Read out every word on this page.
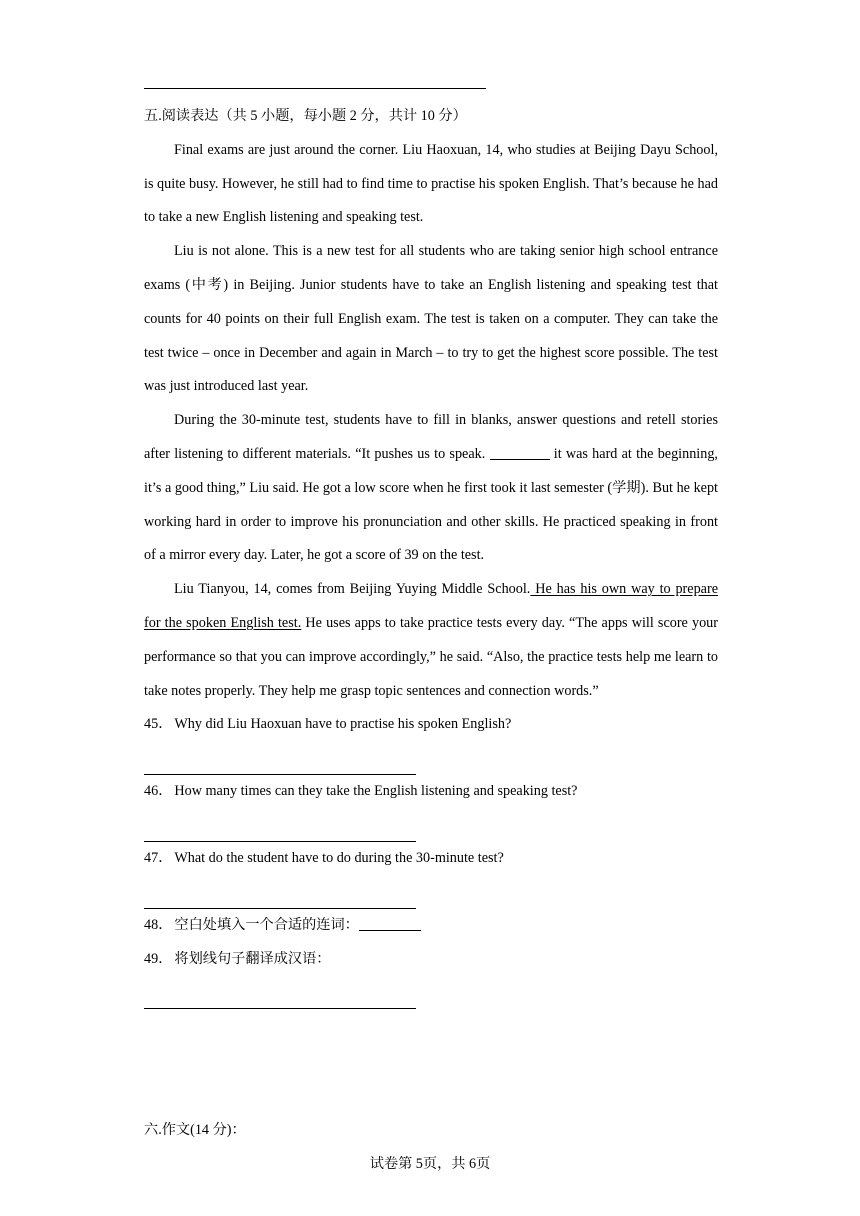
五.阅读表达（共 5 小题，每小题 2 分，共计 10 分）

Final exams are just around the corner. Liu Haoxuan, 14, who studies at Beijing Dayu School, is quite busy. However, he still had to find time to practise his spoken English. That’s because he had to take a new English listening and speaking test.

Liu is not alone. This is a new test for all students who are taking senior high school entrance exams (中考) in Beijing. Junior students have to take an English listening and speaking test that counts for 40 points on their full English exam. The test is taken on a computer. They can take the test twice – once in December and again in March – to try to get the highest score possible. The test was just introduced last year.

During the 30-minute test, students have to fill in blanks, answer questions and retell stories after listening to different materials. “It pushes us to speak.	it was hard at the beginning, it’s a good thing,” Liu said. He got a low score when he first took it last semester (学期). But he kept working hard in order to improve his pronunciation and other skills. He practiced speaking in front of a mirror every day. Later, he got a score of 39 on the test.

Liu Tianyou, 14, comes from Beijing Yuying Middle School. He has his own way to prepare for the spoken English test. He uses apps to take practice tests every day. “The apps will score your performance so that you can improve accordingly,” he said. “Also, the practice tests help me learn to take notes properly. They help me grasp topic sentences and connection words.”

45． Why did Liu Haoxuan have to practise his spoken English?
46． How many times can they take the English listening and speaking test?
47． What do the student have to do during the 30-minute test?
48． 空白处填入一个合适的连词：
49． 将划线句子翻译成汉语：
六.作文(14 分)：
试卷第 5页，共 6页
